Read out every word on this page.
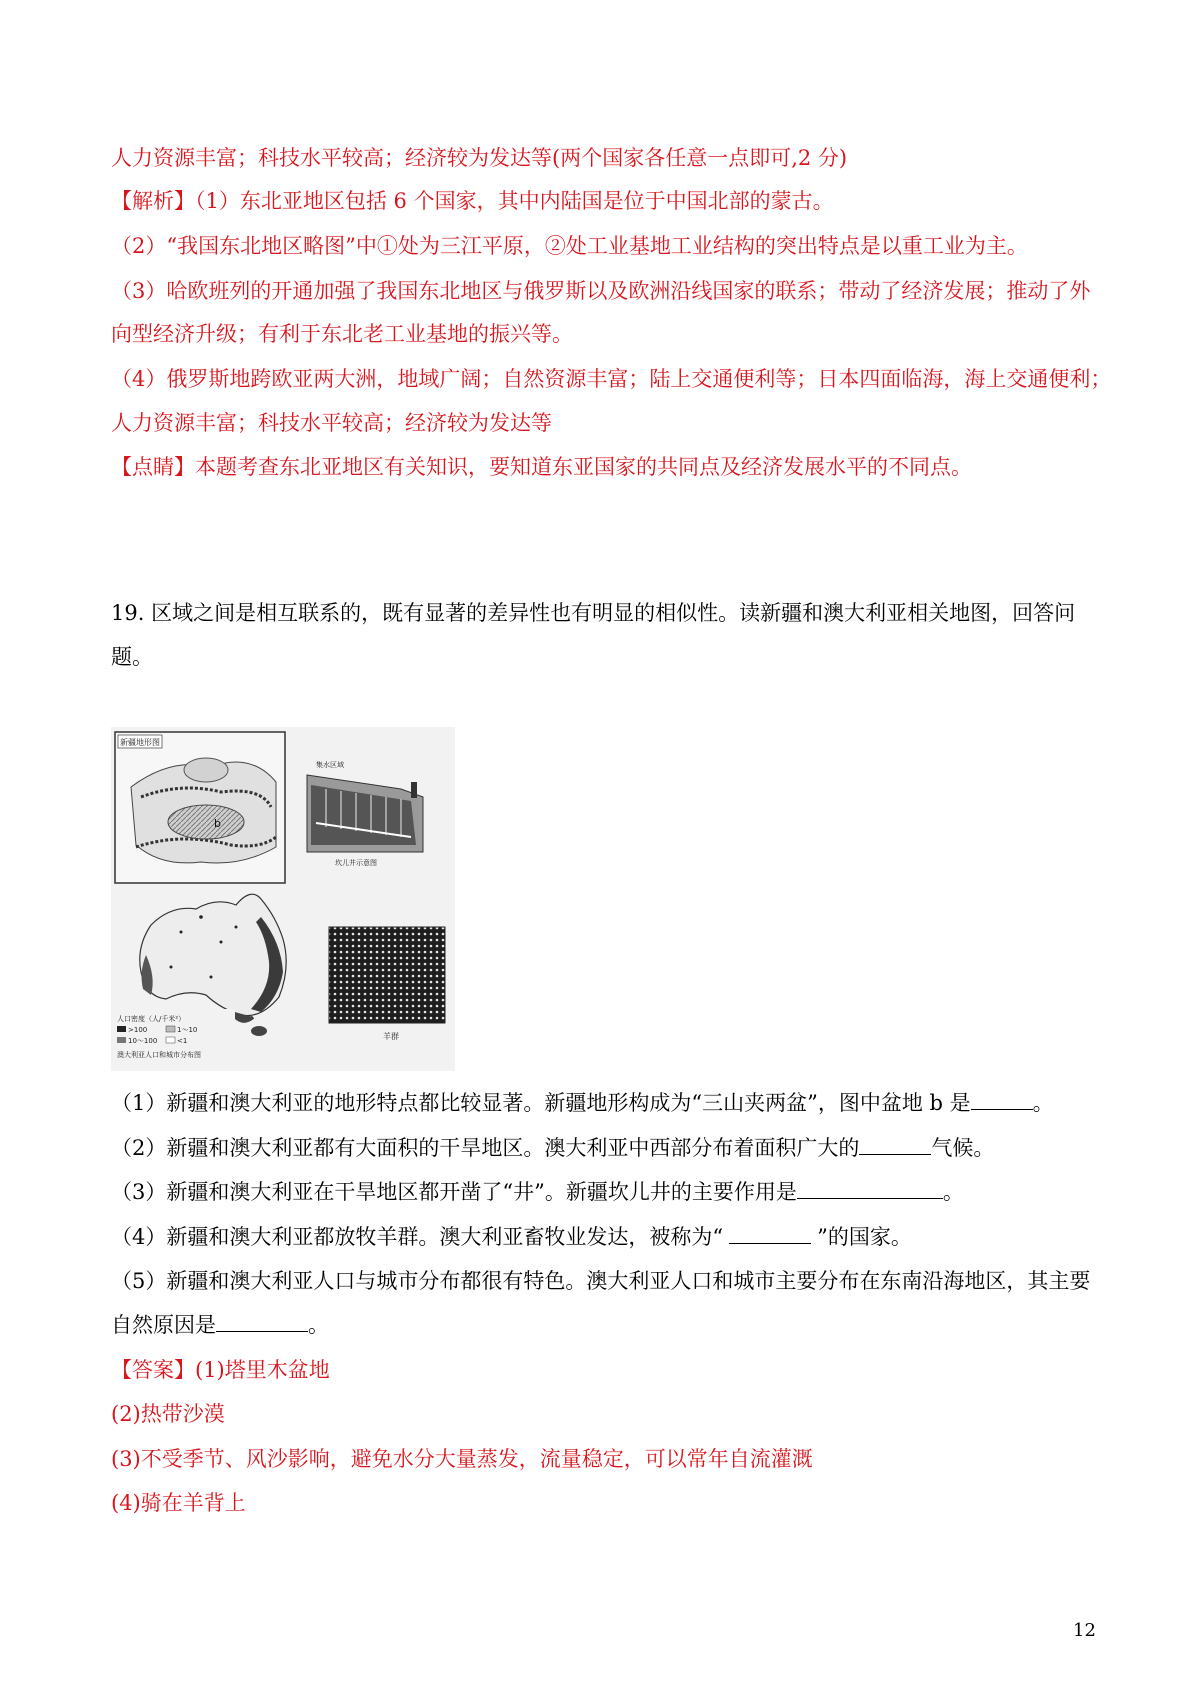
人力资源丰富；科技水平较高；经济较为发达等(两个国家各任意一点即可,2 分)
【解析】（1）东北亚地区包括 6 个国家，其中内陆国是位于中国北部的蒙古。
（2）“我国东北地区略图”中①处为三江平原，②处工业基地工业结构的突出特点是以重工业为主。
（3）哈欧班列的开通加强了我国东北地区与俄罗斯以及欧洲沿线国家的联系；带动了经济发展；推动了外
向型经济升级；有利于东北老工业基地的振兴等。
（4）俄罗斯地跨欧亚两大洲，地域广阔；自然资源丰富；陆上交通便利等；日本四面临海，海上交通便利；
人力资源丰富；科技水平较高；经济较为发达等
【点睛】本题考查东北亚地区有关知识，要知道东亚国家的共同点及经济发展水平的不同点。
19. 区域之间是相互联系的，既有显著的差异性也有明显的相似性。读新疆和澳大利亚相关地图，回答问
题。
新疆地形图
b
集水区域
坎儿井示意图
人口密度（人/千米²）
>100	1～10
10～100	<1
澳大利亚人口和城市分布图
羊群
（1）新疆和澳大利亚的地形特点都比较显著。新疆地形构成为“三山夹两盆”，图中盆地 b 是	。
（2）新疆和澳大利亚都有大面积的干旱地区。澳大利亚中西部分布着面积广大的	气候。
（3）新疆和澳大利亚在干旱地区都开凿了“井”。新疆坎儿井的主要作用是	。
（4）新疆和澳大利亚都放牧羊群。澳大利亚畜牧业发达，被称为“	”的国家。
（5）新疆和澳大利亚人口与城市分布都很有特色。澳大利亚人口和城市主要分布在东南沿海地区，其主要
自然原因是	。
【答案】(1)塔里木盆地
(2)热带沙漠
(3)不受季节、风沙影响，避免水分大量蒸发，流量稳定，可以常年自流灌溉
(4)骑在羊背上
12
